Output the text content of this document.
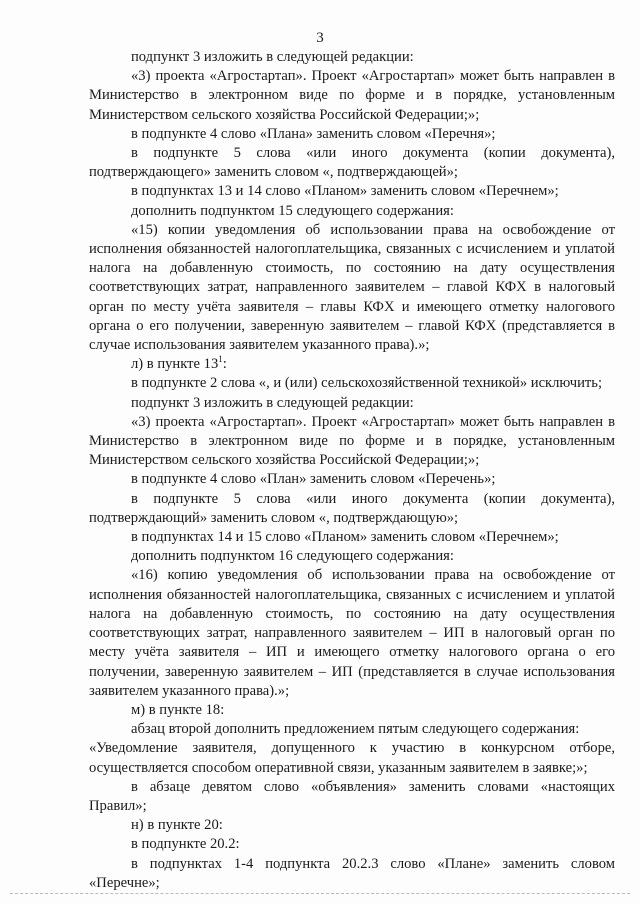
3

подпункт 3 изложить в следующей редакции:

«3) проекта «Агростартап». Проект «Агростартап» может быть направлен в Министерство в электронном виде по форме и в порядке, установленным Министерством сельского хозяйства Российской Федерации;»;

в подпункте 4 слово «Плана» заменить словом «Перечня»;

в подпункте 5 слова «или иного документа (копии документа), подтверждающего» заменить словом «, подтверждающей»;

в подпунктах 13 и 14 слово «Планом» заменить словом «Перечнем»;

дополнить подпунктом 15 следующего содержания:

«15) копии уведомления об использовании права на освобождение от исполнения обязанностей налогоплательщика, связанных с исчислением и уплатой налога на добавленную стоимость, по состоянию на дату осуществления соответствующих затрат, направленного заявителем – главой КФХ в налоговый орган по месту учёта заявителя – главы КФХ и имеющего отметку налогового органа о его получении, заверенную заявителем – главой КФХ (представляется в случае использования заявителем указанного права).»;

л) в пункте $13^1$:

в подпункте 2 слова «, и (или) сельскохозяйственной техникой» исключить;

подпункт 3 изложить в следующей редакции:

«3) проекта «Агростартап». Проект «Агростартап» может быть направлен в Министерство в электронном виде по форме и в порядке, установленным Министерством сельского хозяйства Российской Федерации;»;

в подпункте 4 слово «План» заменить словом «Перечень»;

в подпункте 5 слова «или иного документа (копии документа), подтверждающий» заменить словом «, подтверждающую»;

в подпунктах 14 и 15 слово «Планом» заменить словом «Перечнем»;

дополнить подпунктом 16 следующего содержания:

«16) копию уведомления об использовании права на освобождение от исполнения обязанностей налогоплательщика, связанных с исчислением и уплатой налога на добавленную стоимость, по состоянию на дату осуществления соответствующих затрат, направленного заявителем – ИП в налоговый орган по месту учёта заявителя – ИП и имеющего отметку налогового органа о его получении, заверенную заявителем – ИП (представляется в случае использования заявителем указанного права).»;

м) в пункте 18:

абзац второй дополнить предложением пятым следующего содержания:

«Уведомление заявителя, допущенного к участию в конкурсном отборе, осуществляется способом оперативной связи, указанным заявителем в заявке;»;

в абзаце девятом слово «объявления» заменить словами «настоящих Правил»;

н) в пункте 20:

в подпункте 20.2:

в подпунктах 1-4 подпункта 20.2.3 слово «Плане» заменить словом «Перечне»;
